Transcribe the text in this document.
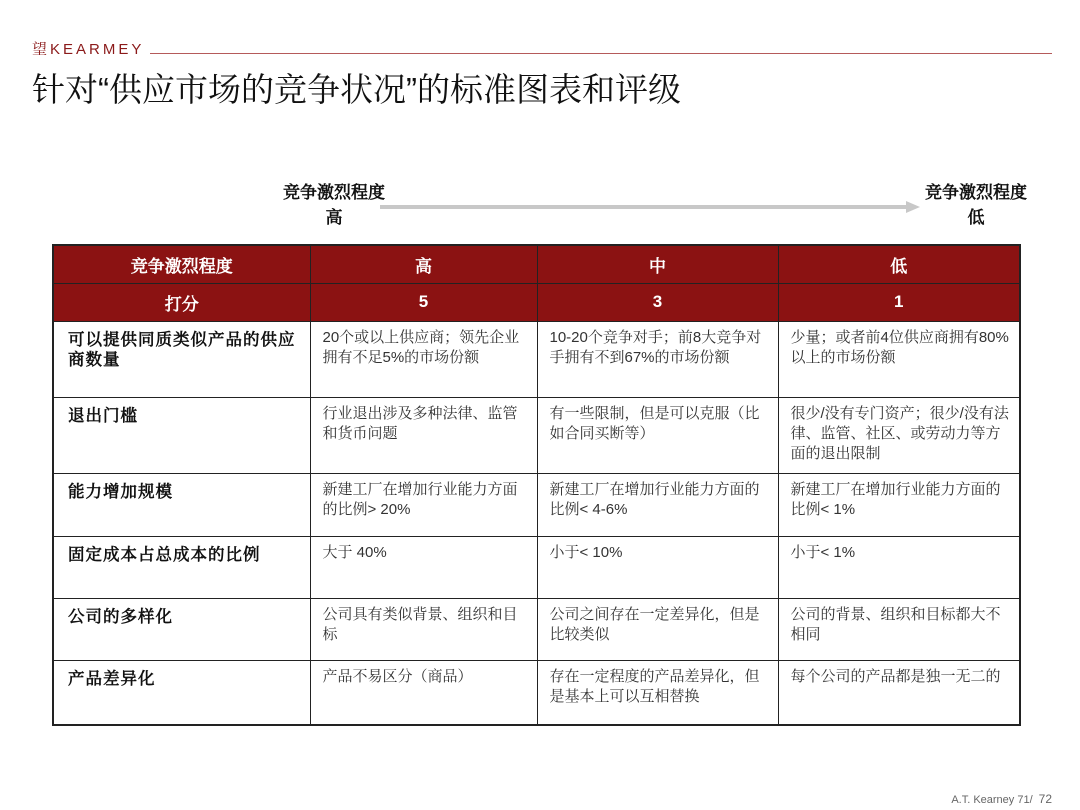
望KEARMEY
针对“供应市场的竞争状况”的标准图表和评级
竞争激烈程度
高
竞争激烈程度
低
竞争激烈程度	高	中	低
打分	5	3	1
可以提供同质类似产品的供应商数量	20个或以上供应商；领先企业拥有不足5%的市场份额	10-20个竞争对手；前8大竞争对手拥有不到67%的市场份额	少量；或者前4位供应商拥有80%以上的市场份额
退出门槛	行业退出涉及多种法律、监管和货币问题	有一些限制，但是可以克服（比如合同买断等）	很少/没有专门资产；很少/没有法律、监管、社区、或劳动力等方面的退出限制
能力增加规模	新建工厂在增加行业能力方面的比例> 20%	新建工厂在增加行业能力方面的比例< 4-6%	新建工厂在增加行业能力方面的比例< 1%
固定成本占总成本的比例	大于 40%	小于< 10%	小于< 1%
公司的多样化	公司具有类似背景、组织和目标	公司之间存在一定差异化，但是比较类似	公司的背景、组织和目标都大不相同
产品差异化	产品不易区分（商品）	存在一定程度的产品差异化，但是基本上可以互相替换	每个公司的产品都是独一无二的
A.T. Kearney 71/ 72
